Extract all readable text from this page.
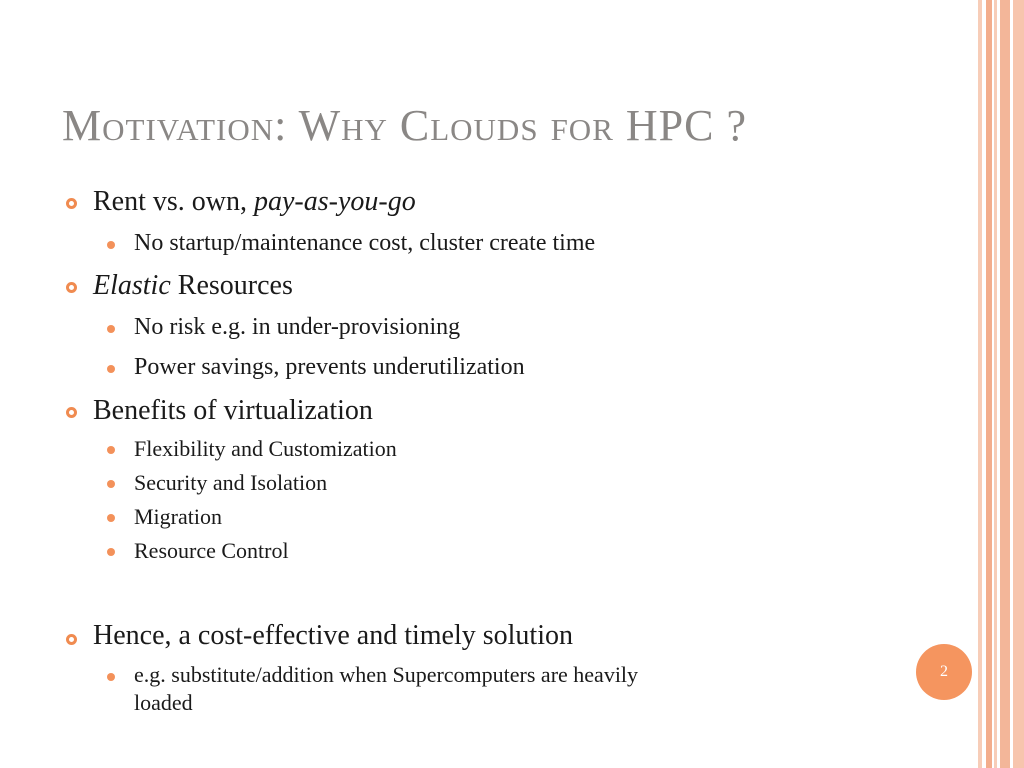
Motivation: Why Clouds for HPC ?
Rent vs. own, pay-as-you-go
No startup/maintenance cost, cluster create time
Elastic Resources
No risk e.g. in under-provisioning
Power savings, prevents underutilization
Benefits of virtualization
Flexibility and Customization
Security and Isolation
Migration
Resource Control
Hence, a cost-effective and timely solution
e.g. substitute/addition when Supercomputers are heavily
loaded
2
